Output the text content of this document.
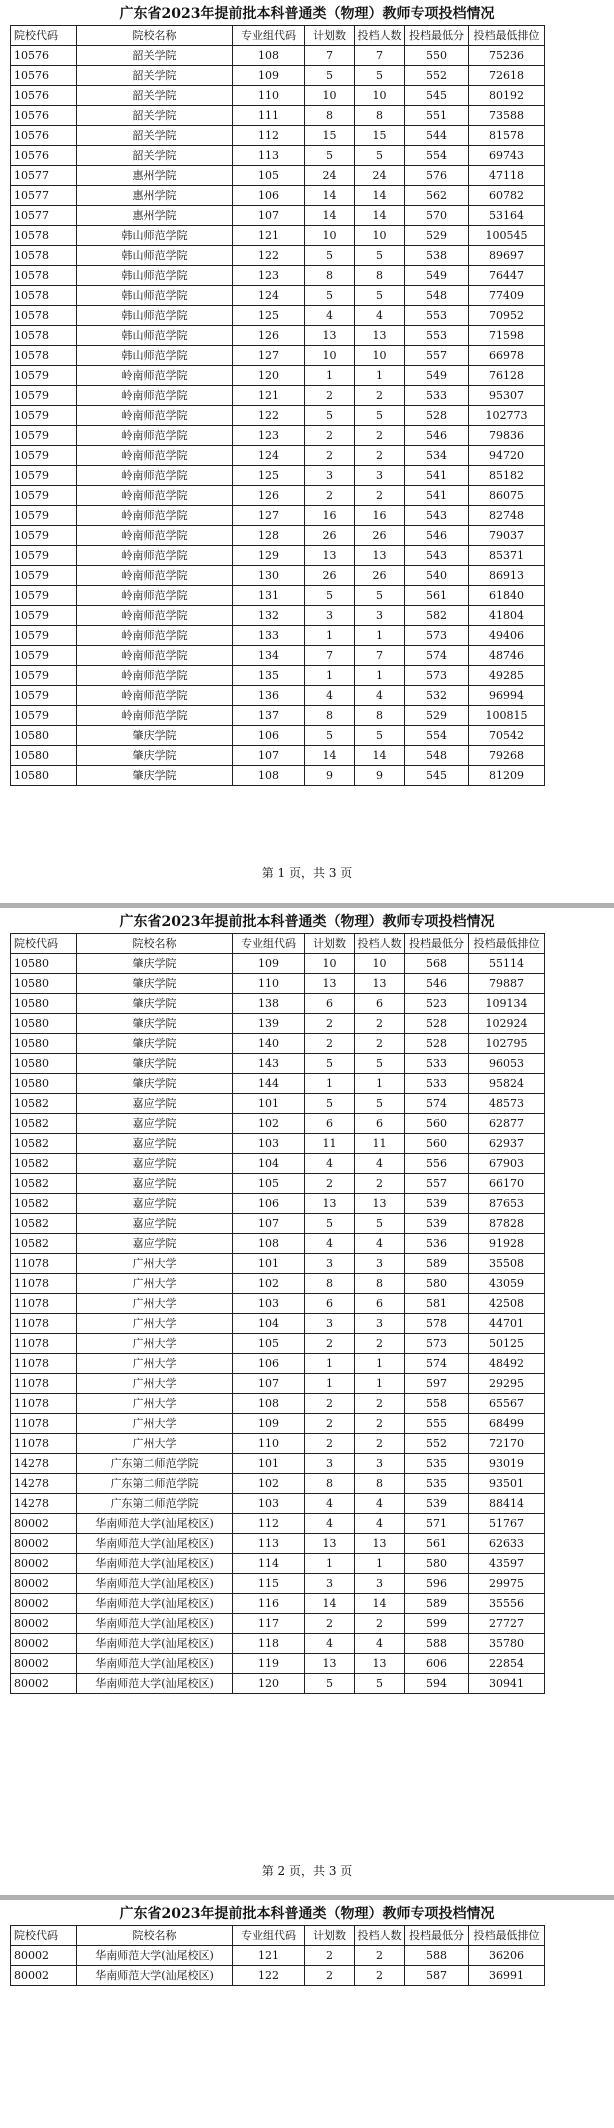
广东省2023年提前批本科普通类（物理）教师专项投档情况
院校代码	院校名称	专业组代码	计划数	投档人数	投档最低分	投档最低排位
10576	韶关学院	108	7	7	550	75236
10576	韶关学院	109	5	5	552	72618
10576	韶关学院	110	10	10	545	80192
10576	韶关学院	111	8	8	551	73588
10576	韶关学院	112	15	15	544	81578
10576	韶关学院	113	5	5	554	69743
10577	惠州学院	105	24	24	576	47118
10577	惠州学院	106	14	14	562	60782
10577	惠州学院	107	14	14	570	53164
10578	韩山师范学院	121	10	10	529	100545
10578	韩山师范学院	122	5	5	538	89697
10578	韩山师范学院	123	8	8	549	76447
10578	韩山师范学院	124	5	5	548	77409
10578	韩山师范学院	125	4	4	553	70952
10578	韩山师范学院	126	13	13	553	71598
10578	韩山师范学院	127	10	10	557	66978
10579	岭南师范学院	120	1	1	549	76128
10579	岭南师范学院	121	2	2	533	95307
10579	岭南师范学院	122	5	5	528	102773
10579	岭南师范学院	123	2	2	546	79836
10579	岭南师范学院	124	2	2	534	94720
10579	岭南师范学院	125	3	3	541	85182
10579	岭南师范学院	126	2	2	541	86075
10579	岭南师范学院	127	16	16	543	82748
10579	岭南师范学院	128	26	26	546	79037
10579	岭南师范学院	129	13	13	543	85371
10579	岭南师范学院	130	26	26	540	86913
10579	岭南师范学院	131	5	5	561	61840
10579	岭南师范学院	132	3	3	582	41804
10579	岭南师范学院	133	1	1	573	49406
10579	岭南师范学院	134	7	7	574	48746
10579	岭南师范学院	135	1	1	573	49285
10579	岭南师范学院	136	4	4	532	96994
10579	岭南师范学院	137	8	8	529	100815
10580	肇庆学院	106	5	5	554	70542
10580	肇庆学院	107	14	14	548	79268
10580	肇庆学院	108	9	9	545	81209
第 1 页，共 3 页
广东省2023年提前批本科普通类（物理）教师专项投档情况
院校代码	院校名称	专业组代码	计划数	投档人数	投档最低分	投档最低排位
10580	肇庆学院	109	10	10	568	55114
10580	肇庆学院	110	13	13	546	79887
10580	肇庆学院	138	6	6	523	109134
10580	肇庆学院	139	2	2	528	102924
10580	肇庆学院	140	2	2	528	102795
10580	肇庆学院	143	5	5	533	96053
10580	肇庆学院	144	1	1	533	95824
10582	嘉应学院	101	5	5	574	48573
10582	嘉应学院	102	6	6	560	62877
10582	嘉应学院	103	11	11	560	62937
10582	嘉应学院	104	4	4	556	67903
10582	嘉应学院	105	2	2	557	66170
10582	嘉应学院	106	13	13	539	87653
10582	嘉应学院	107	5	5	539	87828
10582	嘉应学院	108	4	4	536	91928
11078	广州大学	101	3	3	589	35508
11078	广州大学	102	8	8	580	43059
11078	广州大学	103	6	6	581	42508
11078	广州大学	104	3	3	578	44701
11078	广州大学	105	2	2	573	50125
11078	广州大学	106	1	1	574	48492
11078	广州大学	107	1	1	597	29295
11078	广州大学	108	2	2	558	65567
11078	广州大学	109	2	2	555	68499
11078	广州大学	110	2	2	552	72170
14278	广东第二师范学院	101	3	3	535	93019
14278	广东第二师范学院	102	8	8	535	93501
14278	广东第二师范学院	103	4	4	539	88414
80002	华南师范大学(汕尾校区)	112	4	4	571	51767
80002	华南师范大学(汕尾校区)	113	13	13	561	62633
80002	华南师范大学(汕尾校区)	114	1	1	580	43597
80002	华南师范大学(汕尾校区)	115	3	3	596	29975
80002	华南师范大学(汕尾校区)	116	14	14	589	35556
80002	华南师范大学(汕尾校区)	117	2	2	599	27727
80002	华南师范大学(汕尾校区)	118	4	4	588	35780
80002	华南师范大学(汕尾校区)	119	13	13	606	22854
80002	华南师范大学(汕尾校区)	120	5	5	594	30941
第 2 页，共 3 页
广东省2023年提前批本科普通类（物理）教师专项投档情况
院校代码	院校名称	专业组代码	计划数	投档人数	投档最低分	投档最低排位
80002	华南师范大学(汕尾校区)	121	2	2	588	36206
80002	华南师范大学(汕尾校区)	122	2	2	587	36991
